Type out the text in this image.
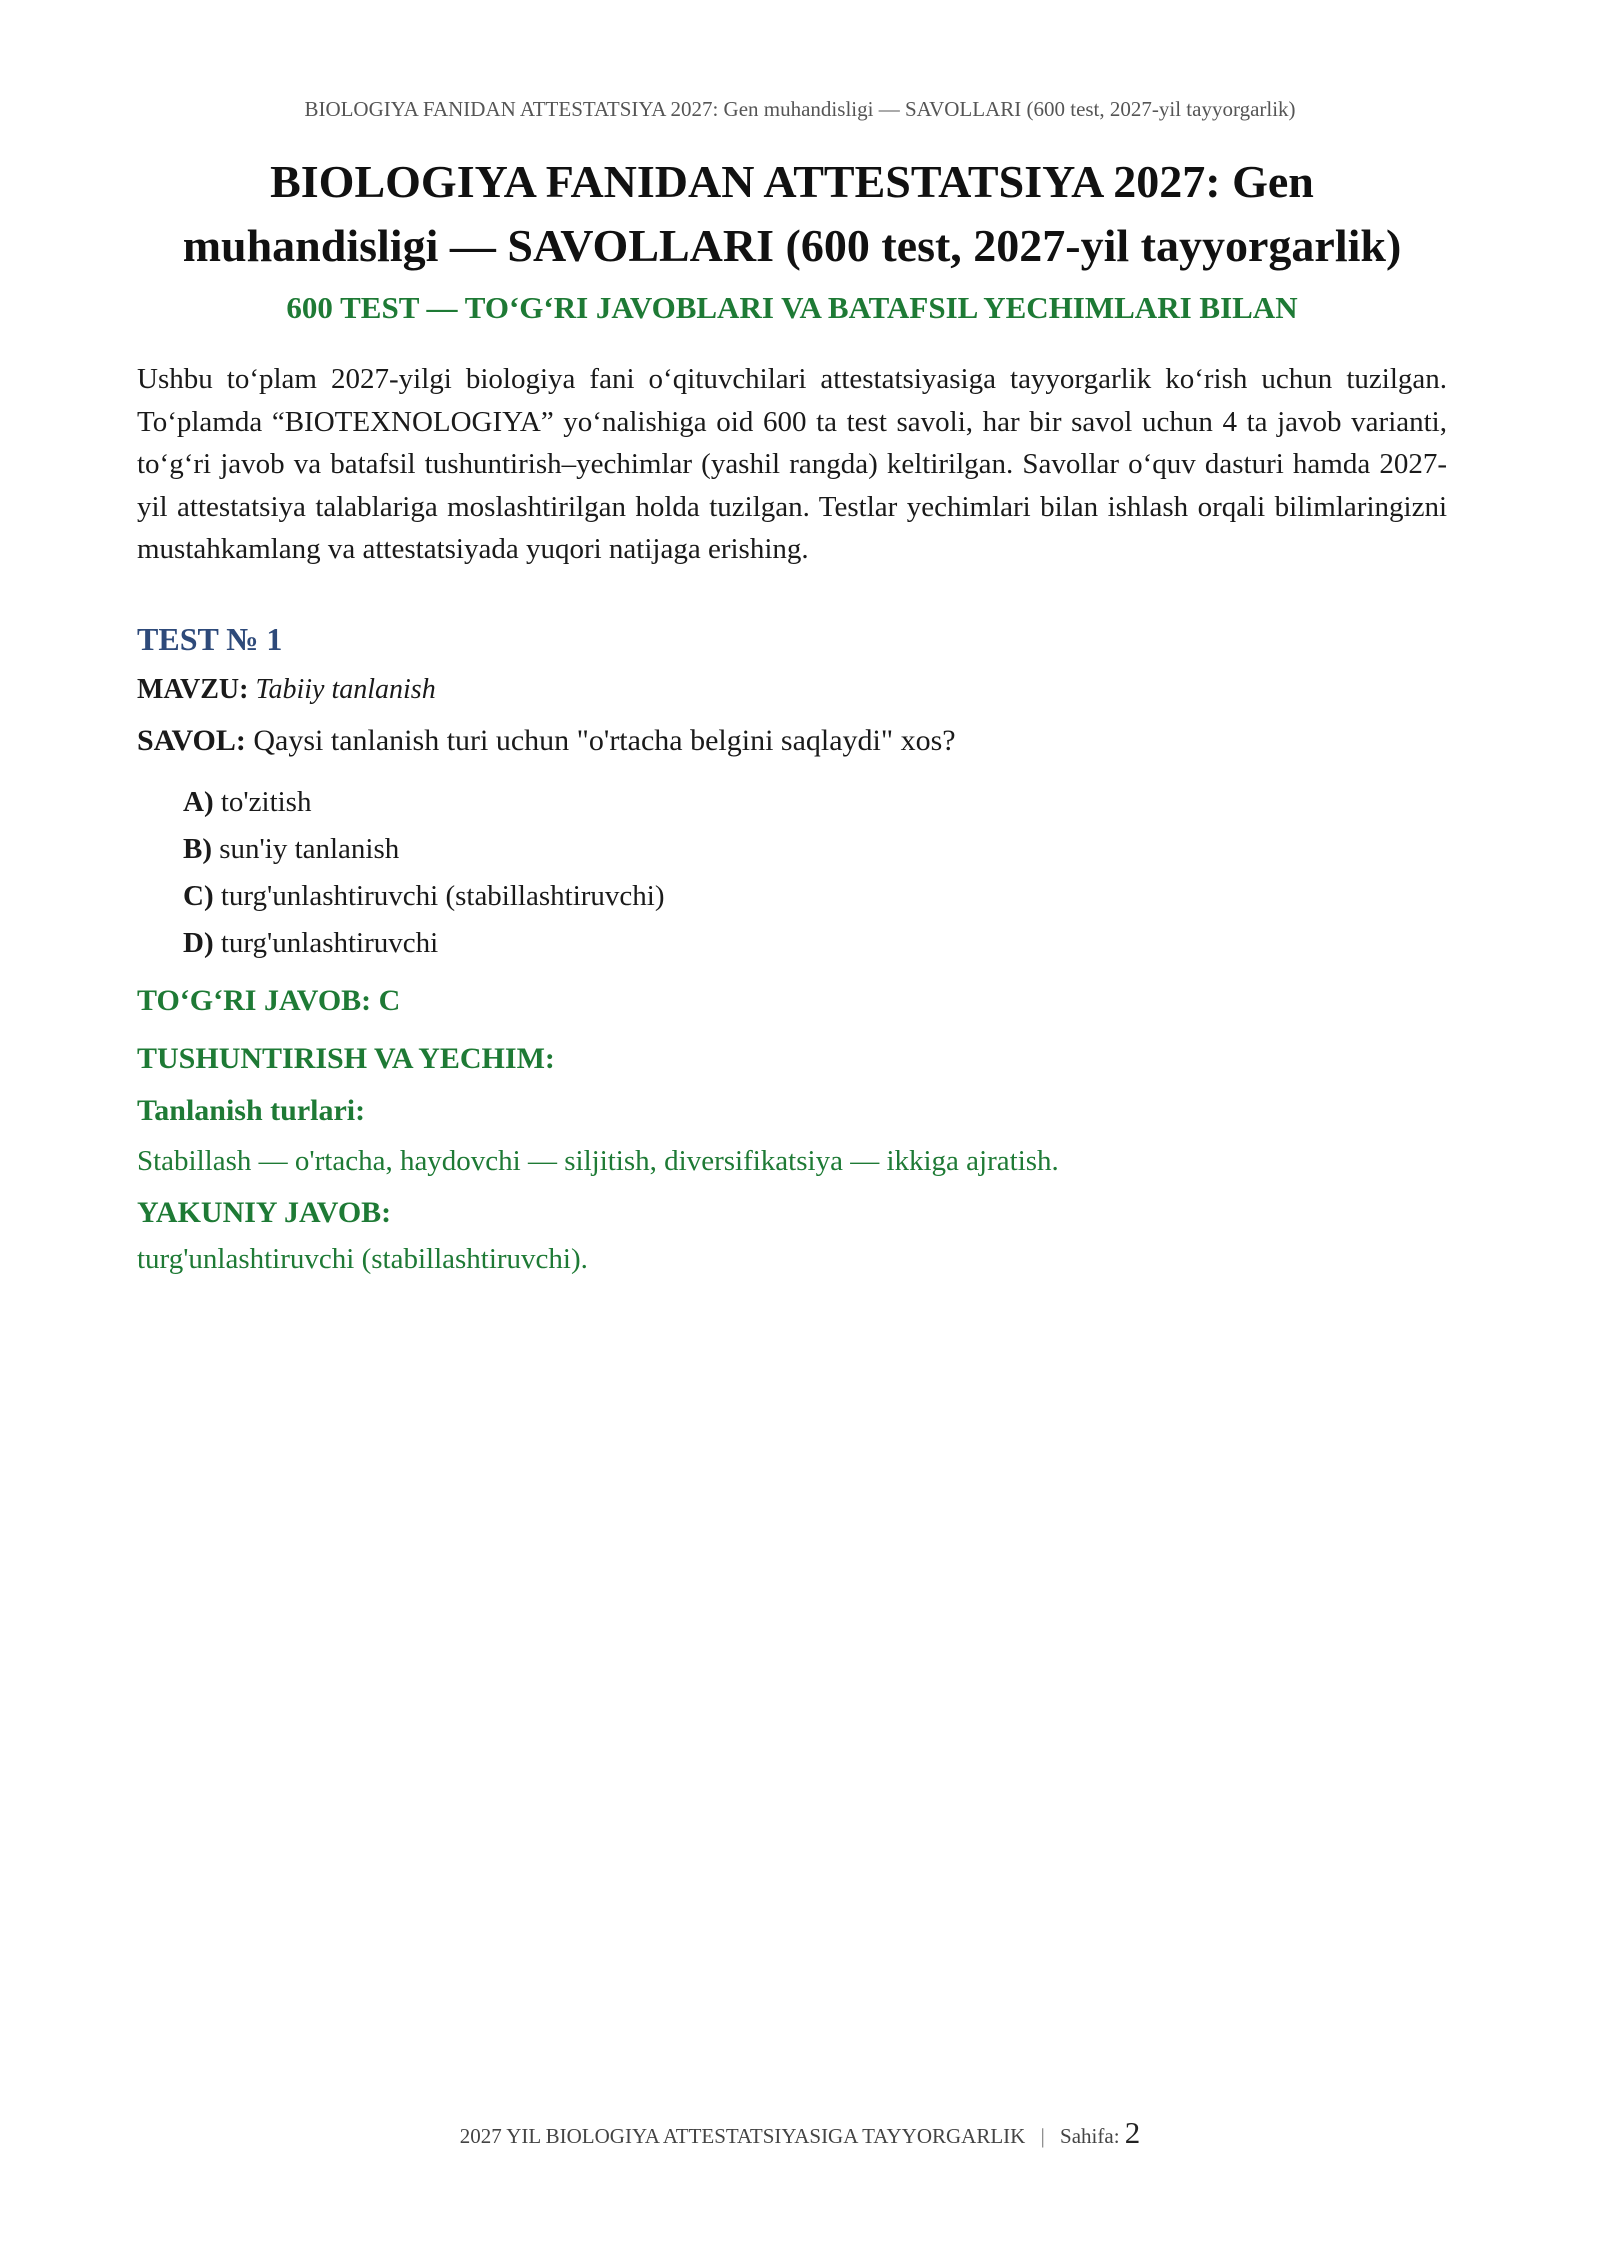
BIOLOGIYA FANIDAN ATTESTATSIYA 2027: Gen muhandisligi — SAVOLLARI (600 test, 2027-yil tayyorgarlik)
BIOLOGIYA FANIDAN ATTESTATSIYA 2027: Gen
muhandisligi — SAVOLLARI (600 test, 2027-yil tayyorgarlik)
600 TEST — TO‘G‘RI JAVOBLARI VA BATAFSIL YECHIMLARI BILAN

Ushbu to‘plam 2027-yilgi biologiya fani o‘qituvchilari attestatsiyasiga tayyorgarlik ko‘rish uchun tuzilgan. To‘plamda “BIOTEXNOLOGIYA” yo‘nalishiga oid 600 ta test savoli, har bir savol uchun 4 ta javob varianti, to‘g‘ri javob va batafsil tushuntirish–yechimlar (yashil rangda) keltirilgan. Savollar o‘quv dasturi hamda 2027-yil attestatsiya talablariga moslashtirilgan holda tuzilgan. Testlar yechimlari bilan ishlash orqali bilimlaringizni mustahkamlang va attestatsiyada yuqori natijaga erishing.

TEST № 1
MAVZU: Tabiiy tanlanish
SAVOL: Qaysi tanlanish turi uchun "o'rtacha belgini saqlaydi" xos?
A) to'zitish
B) sun'iy tanlanish
C) turg'unlashtiruvchi (stabillashtiruvchi)
D) turg'unlashtiruvchi
TO‘G‘RI JAVOB: C
TUSHUNTIRISH VA YECHIM:
Tanlanish turlari:
Stabillash — o'rtacha, haydovchi — siljitish, diversifikatsiya — ikkiga ajratish.
YAKUNIY JAVOB:
turg'unlashtiruvchi (stabillashtiruvchi).
2027 YIL BIOLOGIYA ATTESTATSIYASIGA TAYYORGARLIK | Sahifa: 2
